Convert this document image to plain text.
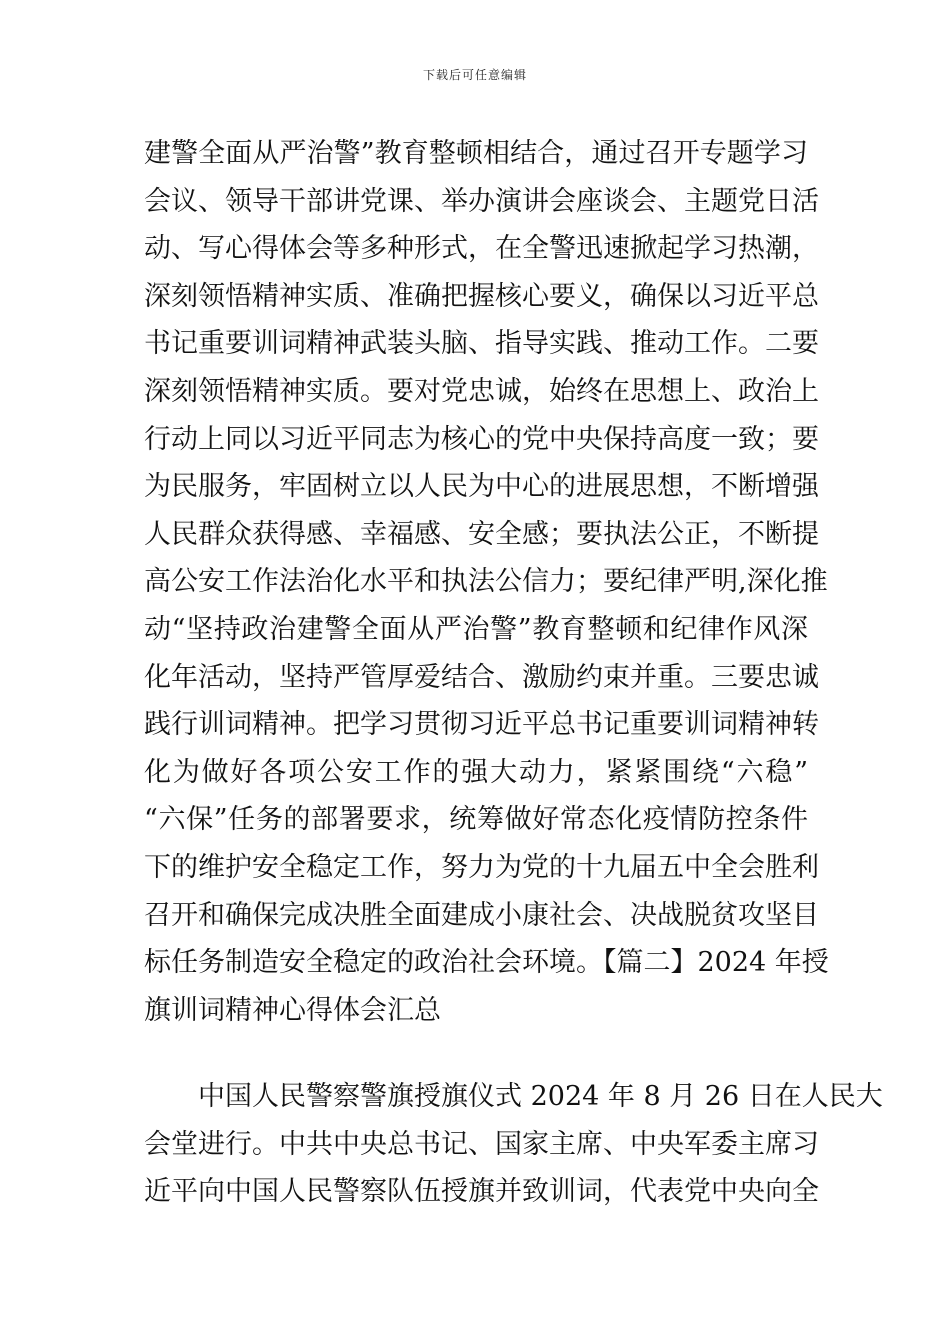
下载后可任意编辑
建警全面从严治警”教育整顿相结合，通过召开专题学习
会议、领导干部讲党课、举办演讲会座谈会、主题党日活
动、写心得体会等多种形式，在全警迅速掀起学习热潮，
深刻领悟精神实质、准确把握核心要义，确保以习近平总
书记重要训词精神武装头脑、指导实践、推动工作。二要
深刻领悟精神实质。要对党忠诚，始终在思想上、政治上
行动上同以习近平同志为核心的党中央保持高度一致；要
为民服务，牢固树立以人民为中心的进展思想，不断增强
人民群众获得感、幸福感、安全感；要执法公正，不断提
高公安工作法治化水平和执法公信力；要纪律严明,深化推
动“坚持政治建警全面从严治警”教育整顿和纪律作风深
化年活动，坚持严管厚爱结合、激励约束并重。三要忠诚
践行训词精神。把学习贯彻习近平总书记重要训词精神转
化为做好各项公安工作的强大动力，紧紧围绕“六稳”
“六保”任务的部署要求，统筹做好常态化疫情防控条件
下的维护安全稳定工作，努力为党的十九届五中全会胜利
召开和确保完成决胜全面建成小康社会、决战脱贫攻坚目
标任务制造安全稳定的政治社会环境。【篇二】2024 年授
旗训词精神心得体会汇总
中国人民警察警旗授旗仪式 2024 年 8 月 26 日在人民大
会堂进行。中共中央总书记、国家主席、中央军委主席习
近平向中国人民警察队伍授旗并致训词，代表党中央向全
